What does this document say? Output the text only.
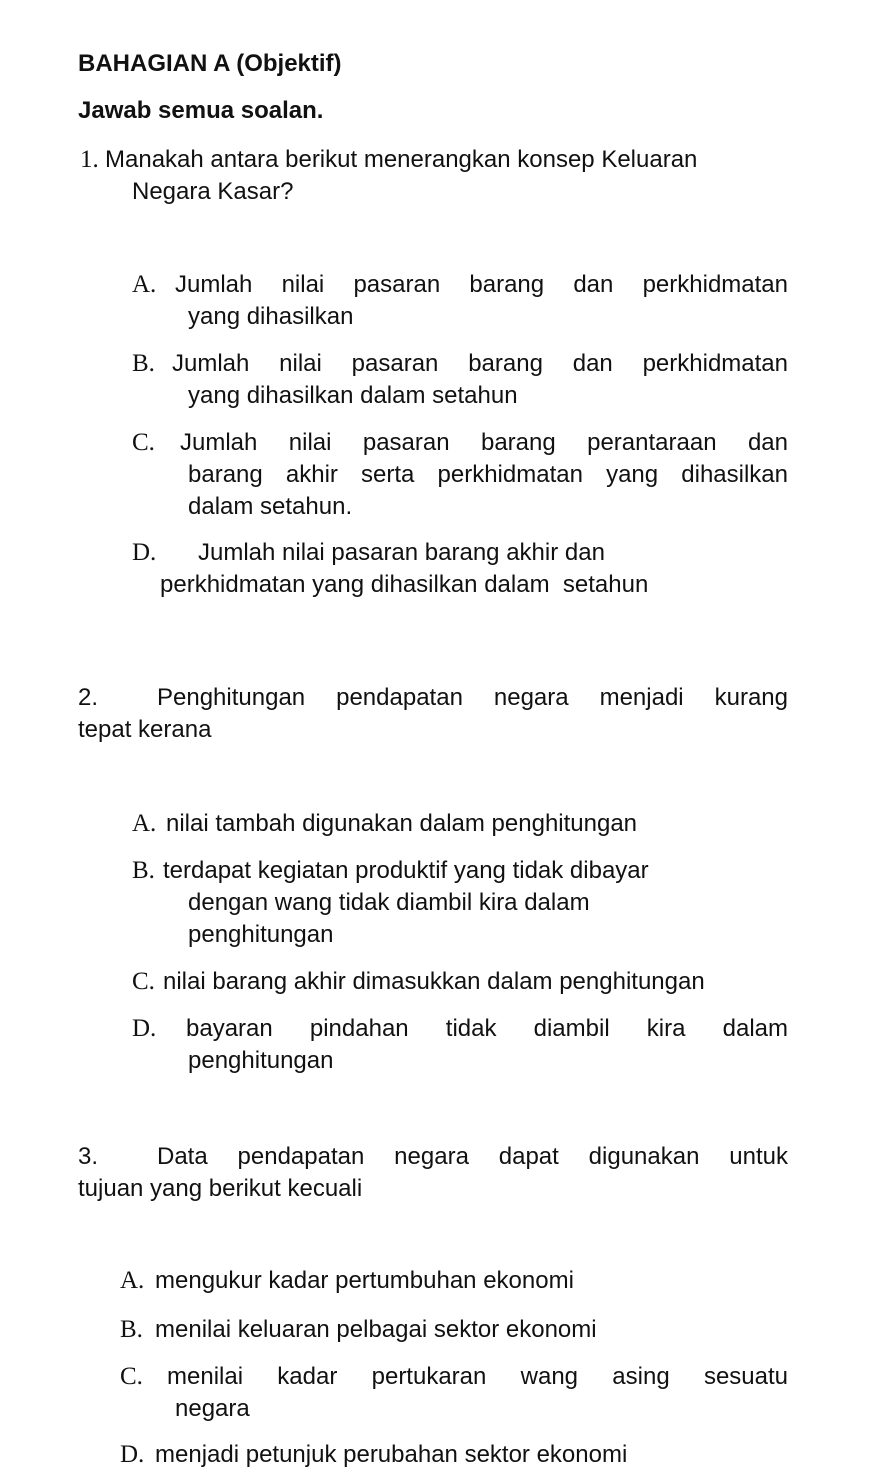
BAHAGIAN A (Objektif)
Jawab semua soalan.
1. Manakah antara berikut menerangkan konsep Keluaran
Negara Kasar?
A. Jumlah nilai pasaran barang dan perkhidmatan
yang dihasilkan
B. Jumlah nilai pasaran barang dan perkhidmatan
yang dihasilkan dalam setahun
C. Jumlah nilai pasaran barang perantaraan dan
barang akhir serta perkhidmatan yang dihasilkan
dalam setahun.
D. Jumlah nilai pasaran barang akhir dan
perkhidmatan yang dihasilkan dalam  setahun
2. Penghitungan pendapatan negara menjadi kurang
tepat kerana
A. nilai tambah digunakan dalam penghitungan
B. terdapat kegiatan produktif yang tidak dibayar
dengan wang tidak diambil kira dalam
penghitungan
C. nilai barang akhir dimasukkan dalam penghitungan
D. bayaran pindahan tidak diambil kira dalam
penghitungan
3. Data pendapatan negara dapat digunakan untuk
tujuan yang berikut kecuali
A. mengukur kadar pertumbuhan ekonomi
B. menilai keluaran pelbagai sektor ekonomi
C. menilai kadar pertukaran wang asing sesuatu
negara
D. menjadi petunjuk perubahan sektor ekonomi
